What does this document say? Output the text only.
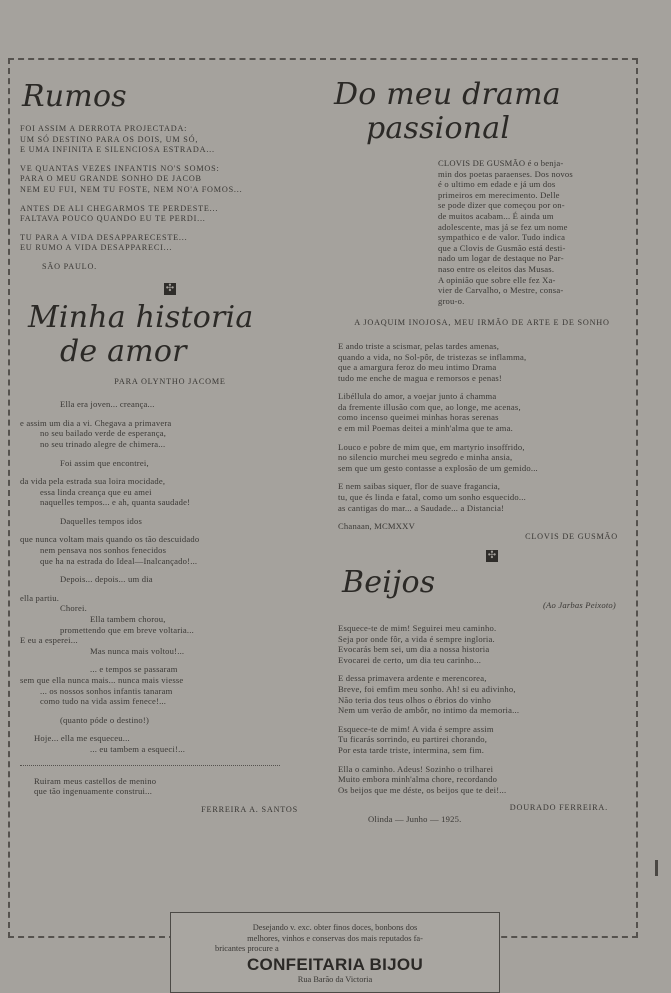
Rumos

FOI ASSIM A DERROTA PROJECTADA:
UM SÓ DESTINO PARA OS DOIS, UM SÓ,
E UMA INFINITA E SILENCIOSA ESTRADA...

VE QUANTAS VEZES INFANTIS NO'S SOMOS:
PARA O MEU GRANDE SONHO DE JACOB
NEM EU FUI, NEM TU FOSTE, NEM NO'A FOMOS...

ANTES DE ALI CHEGARMOS TE PERDESTE...
FALTAVA POUCO QUANDO EU TE PERDI...

TU PARA A VIDA DESAPPARECESTE...
EU RUMO A VIDA DESAPPARECI...

SÃO PAULO.

✣
Minha historia
de amor

PARA OLYNTHO JACOME

Ella era joven... creança...
e assim um dia a vi. Chegava a primavera
no seu bailado verde de esperança,
no seu trinado alegre de chimera...
Foi assim que encontrei,
da vida pela estrada sua loira mocidade,
essa linda creança que eu amei
naquelles tempos... e ah, quanta saudade!
Daquelles tempos idos
que nunca voltam mais quando os tão descuidado
nem pensava nos sonhos fenecidos
que ha na estrada do Ideal—Inalcançado!...
Depois... depois... um dia
ella partiu.
Chorei.
Ella tambem chorou,
promettendo que em breve voltaria...
E eu a esperei...
Mas nunca mais voltou!...
... e tempos se passaram
sem que ella nunca mais... nunca mais viesse
... os nossos sonhos infantis tanaram
como tudo na vida assim fenece!...
(quanto póde o destino!)
Hoje... ella me esqueceu...
... eu tambem a esqueci!...
Ruiram meus castellos de menino
que tão ingenuamente construi...

FERREIRA A. SANTOS

Do meu drama
passional
CLOVIS DE GUSMÃO é o benja-
min dos poetas paraenses. Dos novos
é o ultimo em edade e já um dos
primeiros em merecimento. Delle
se pode dizer que começou por on-
de muitos acabam... É ainda um
adolescente, mas já se fez um nome
sympathico e de valor. Tudo indica
que a Clovis de Gusmão está desti-
nado um logar de destaque no Par-
naso entre os eleitos das Musas.
A opinião que sobre elle fez Xa-
vier de Carvalho, o Mestre, consa-
grou-o.

A JOAQUIM INOJOSA, MEU IRMÃO DE ARTE E DE SONHO

E ando triste a scismar, pelas tardes amenas,
quando a vida, no Sol-pôr, de tristezas se inflamma,
que a amargura feroz do meu intimo Drama
tudo me enche de magua e remorsos e penas!

Libéllula do amor, a voejar junto á chamma
da fremente illusão com que, ao longe, me acenas,
como incenso queimei minhas horas serenas
e em mil Poemas deitei a minh'alma que te ama.

Louco e pobre de mim que, em martyrio insoffrido,
no silencio murchei meu segredo e minha ansia,
sem que um gesto contasse a explosão de um gemido...

E nem saibas siquer, flor de suave fragancia,
tu, que és linda e fatal, como um sonho esquecido...
as cantigas do mar... a Saudade... a Distancia!

Chanaan, MCMXXV

CLOVIS DE GUSMÃO

✣
Beijos

(Ao Jarbas Peixoto)

Esquece-te de mim! Seguirei meu caminho.
Seja por onde fôr, a vida é sempre ingloria.
Evocarás bem sei, um dia a nossa historia
Evocarei de certo, um dia teu carinho...

E dessa primavera ardente e merencorea,
Breve, foi emfim meu sonho. Ah! si eu adivinho,
Não teria dos teus olhos o ébrios do vinho
Nem um verão de ambôr, no intimo da memoria...

Esquece-te de mim! A vida é sempre assim
Tu ficarás sorrindo, eu partirei chorando,
Por esta tarde triste, interminа, sem fim.

Ella o caminho. Adeus! Sozinho o trilharei
Muito embora minh'alma chore, recordando
Os beijos que me déste, os beijos que te dei!...

DOURADO FERREIRA.

Olinda — Junho — 1925.

Desejando v. exc. obter finos doces, bonbons dos
melhores, vinhos e conservas dos mais reputados fa-
bricantes procure a
CONFEITARIA BIJOU
Rua Barão da Victoria
